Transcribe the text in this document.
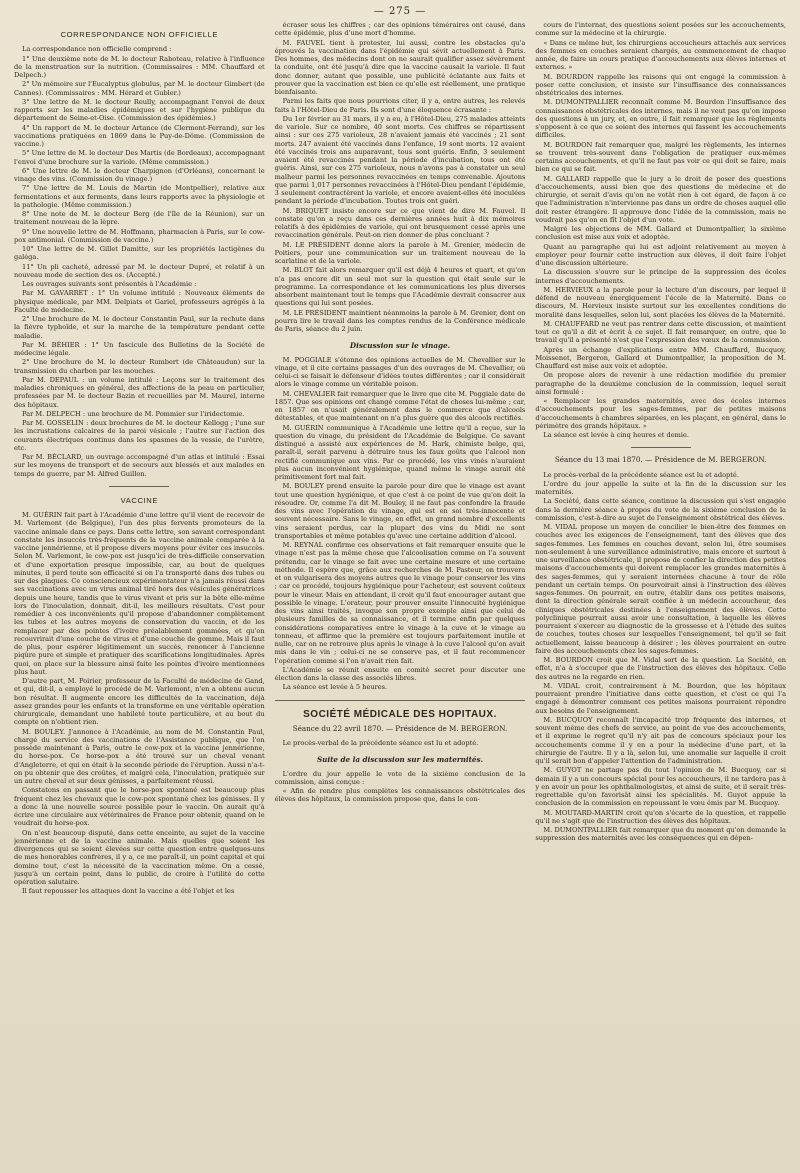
— 275 —
CORRESPONDANCE NON OFFICIELLE

La correspondance non officielle comprend :

1° Une deuxième note de M. le docteur Raboteau, relative à l'influence de la menstruation sur la nutrition. (Commissaires : MM. Chauffard et Delpech.)

2° Un mémoire sur l'Eucalyptus globulus, par M. le docteur Gimbert (de Cannes). (Commissaires : MM. Hérard et Gubler.)

3° Une lettre de M. le docteur Reully, accompagnant l'envoi de deux rapports sur les maladies épidémiques et sur l'hygiène publique du département de Seine-et-Oise. (Commission des épidémies.)

4° Un rapport de M. le docteur Artance (de Clermont-Ferrand), sur les vaccinations pratiquées en 1869 dans le Puy-de-Dôme. (Commission de vaccine.)

5° Une lettre de M. le docteur Des Martis (de Bordeaux), accompagnant l'envoi d'une brochure sur la variole. (Même commission.)

6° Une lettre de M. le docteur Charpignon (d'Orléans), concernant le vinage des vins. (Commission du vinage.)

7° Une lettre de M. Louis de Martin (de Montpellier), relative aux fermentations et aux ferments, dans leurs rapports avec la physiologie et la pathologie. (Même commission.)

8° Une note de M. le docteur Berg (de l'île de la Réunion), sur un traitement nouveau de la lèpre.

9° Une nouvelle lettre de M. Hoffmann, pharmacien à Paris, sur le cow-pox antimonial. (Commission de vaccine.)

10° Une lettre de M. Gillet Damitte, sur les propriétés lactigènes du galéga.

11° Un pli cacheté, adressé par M. le docteur Dupré, et relatif à un nouveau mode de section des os. (Accepté.)

Les ouvrages suivants sont présentés à l'Académie :

Par M. GAVARRET : 1° Un volume intitulé : Nouveaux éléments de physique médicale, par MM. Delpiats et Gariel, professeurs agrégés à la Faculté de médecine.

2° Une brochure de M. le docteur Constantin Paul, sur la rechute dans la fièvre typhoïde, et sur la marche de la température pendant cette maladie.

Par M. BÉHIER : 1° Un fascicule des Bulletins de la Société de médecine légale.

2° Une brochure de M. le docteur Rumbert (de Châteaudun) sur la transmission du charbon par les mouches.

Par M. DEPAUL : un volume intitulé : Leçons sur le traitement des maladies chroniques en général, des affections de la peau en particulier, professées par M. le docteur Bazin et recueillies par M. Maurel, interne des hôpitaux.

Par M. DELPECH : une brochure de M. Pommier sur l'iridectomie.

Par M. GOSSELIN : deux brochures de M. le docteur Kellogg ; l'une sur les incrustations calcaires de la paroi vésicale ; l'autre sur l'action des courants électriques continus dans les spasmes de la vessie, de l'urètre, etc.

Par M. BÉCLARD, un ouvrage accompagné d'un atlas et intitulé : Essai sur les moyens de transport et de secours aux blessés et aux malades en temps de guerre, par M. Alfred Guillon.

VACCINE

M. GUÉRIN fait part à l'Académie d'une lettre qu'il vient de recevoir de M. Varlemont (de Belgique), l'un des plus fervents promoteurs de la vaccine animale dans ce pays. Dans cette lettre, son savant correspondant constate les insuccès très-fréquents de la vaccine animale comparée à la vaccine jennérienne, et il propose divers moyens pour éviter ces insuccès. Selon M. Varlemont, le cow-pox est jusqu'ici de très-difficile conservation et d'une exportation presque impossible, car, au bout de quelques minutes, il perd toute son efficacité si on l'a transporté dans des tubes ou sur des plaques. Ce consciencieux expérimentateur n'a jamais réussi dans ses vaccinations avec un virus animal tiré hors des vésicules génératrices depuis une heure, tandis que le virus vivant et pris sur la bête elle-même lors de l'inoculation, donnait, dit-il, les meilleurs résultats. C'est pour remédier à ces inconvénients qu'il propose d'abandonner complètement les tubes et les autres moyens de conservation du vaccin, et de les remplacer par des pointes d'ivoire préalablement gommées, et qu'on recouvrirait d'une couche de virus et d'une couche de gomme. Mais il faut de plus, pour espérer légitimement un succès, renoncer à l'ancienne piqûre pure et simple et pratiquer des scarifications longitudinales. Après quoi, on place sur la blessure ainsi faite les pointes d'ivoire mentionnées plus haut.

D'autre part, M. Poirier, professeur de la Faculté de médecine de Gand, et qui, dit-il, a employé le procédé de M. Varlemont, n'en a obtenu aucun bon résultat. Il augmente encore les difficultés de la vaccination, déjà assez grandes pour les enfants et la transforme en une véritable opération chirurgicale, demandant une habileté toute particulière, et au bout du compte on n'obtient rien.

M. BOULEY. J'annonce à l'Académie, au nom de M. Constantin Paul, chargé du service des vaccinations de l'Assistance publique, que l'on possède maintenant à Paris, outre le cow-pox et la vaccine jennérienne, du horse-pox. Ce horse-pox a été trouvé sur un cheval venant d'Angleterre, et qui en était à la seconde période de l'éruption. Aussi n'a-t-on pu obtenir que des croûtes, et malgré cela, l'inoculation, pratiquée sur un autre cheval et sur deux génisses, a parfaitement réussi.

Constatons en passant que le horse-pox spontané est beaucoup plus fréquent chez les chevaux que le cow-pox spontané chez les génisses. Il y a donc là une nouvelle source possible pour le vaccin. On aurait qu'à écrire une circulaire aux vétérinaires de France pour obtenir, quand on le voudrait du horse-pox.

On n'est beaucoup disputé, dans cette enceinte, au sujet de la vaccine jennérienne et de la vaccine animale. Mais quelles que soient les divergences qui se soient élevées sur cette question entre quelques-uns de mes honorables confrères, il y a, ce me paraît-il, un point capital et qui domine tout, c'est la nécessité de la vaccination même. On a cessé, jusqu'à un certain point, dans le public, de croire à l'utilité de cette opération salutaire.

Il faut repousser les attaques dont la vaccine a été l'objet et les

écraser sous les chiffres ; car des opinions téméraires ont causé, dans cette épidémie, plus d'une mort d'homme.

M. FAUVEL tient à protester, lui aussi, contre les obstacles qu'a éprouvés la vaccination dans l'épidémie qui sévit actuellement à Paris. Des hommes, des médecins dont on ne saurait qualifier assez sévèrement la conduite, ont été jusqu'à dire que la vaccine causait la variole. Il faut donc donner, autant que possible, une publicité éclatante aux faits et prouver que la vaccination est bien ce qu'elle est réellement, une pratique bienfaisante.

Parmi les faits que nous pourrions citer, il y a, entre autres, les relevés faits à l'Hôtel-Dieu de Paris. Ils sont d'une éloquence écrasante :

Du 1er février au 31 mars, il y a eu, à l'Hôtel-Dieu, 275 malades atteints de variole. Sur ce nombre, 40 sont morts. Ces chiffres se répartissent ainsi : sur ces 275 varioleux, 28 n'avaient jamais été vaccinés ; 21 sont morts. 247 avaient été vaccinés dans l'enfance, 19 sont morts. 12 avaient été vaccinés trois ans auparavant, tous sont guéris. Enfin, 3 seulement avaient été revaccinés pendant la période d'incubation, tous ont été guéris. Ainsi, sur ces 275 varioleux, nous n'avons pas à constater un seul malheur parmi les personnes revaccinées en temps convenable. Ajoutons que parmi 1,017 personnes revaccinées à l'Hôtel-Dieu pendant l'épidémie, 3 seulement contractèrent la variole, et encore avaient-elles été inoculées pendant la période d'incubation. Toutes trois ont guéri.

M. BRIQUET insiste encore sur ce que vient de dire M. Fauvel. Il constate qu'on a reçu dans ces dernières années huit à dix mémoires relatifs à des épidémies de variole, qui ont brusquement cessé après une revaccination générale. Peut-on rien donner de plus concluant ?

M. LE PRÉSIDENT donne alors la parole à M. Grenier, médecin de Poitiers, pour une communication sur un traitement nouveau de la scarlatine et de la variole.

M. BLOT fait alors remarquer qu'il est déjà 4 heures et quart, et qu'on n'a pas encore dit un seul mot sur la question qui était seule sur le programme. La correspondance et les communications les plus diverses absorbent maintenant tout le temps que l'Académie devrait consacrer aux questions qui lui sont posées.

M. LE PRÉSIDENT maintient néanmoins la parole à M. Grenier, dont on pourra lire le travail dans les comptes rendus de la Conférence médicale de Paris, séance du 2 juin.

Discussion sur le vinage.

M. POGGIALE s'étonne des opinions actuelles de M. Chevallier sur le vinage, et il cite certains passages d'un des ouvrages de M. Chevallier, où celui-ci se faisait le défenseur d'idées toutes différentes ; car il considérait alors le vinage comme un véritable poison.

M. CHEVALIER fait remarquer que le livre que cite M. Poggiale date de 1857. Que ses opinions ont changé comme l'état de choses lui-même ; car, en 1857 on n'usait généralement dans le commerce que d'alcools détestables, et que maintenant on n'a plus guère que des alcools rectifiés.

M. GUÉRIN communique à l'Académie une lettre qu'il a reçue, sur la question du vinage, du président de l'Académie de Belgique. Ce savant distingué a assisté aux expériences de M. Hark, chimiste belge, qui, paraît-il, serait parvenu à détruire tous les faux goûts que l'alcool non rectifié communique aux vins. Par ce procédé, les vins vinés n'auraient plus aucun inconvénient hygiénique, quand même le vinage aurait été primitivement fort mal fait.

M. BOULEY prend ensuite la parole pour dire que le vinage est avant tout une question hygiénique, et que c'est à ce point de vue qu'on doit la résoudre. Or, comme l'a dit M. Bouley, il ne faut pas confondre la fraude des vins avec l'opération du vinage, qui est en soi très-innocente et souvent nécessaire. Sans le vinage, en effet, un grand nombre d'excellents vins seraient perdus, car la plupart des vins du Midi ne sont transportables et même potables qu'avec une certaine addition d'alcool.

M. REYNAL confirme ces observations et fait remarquer ensuite que le vinage n'est pas la même chose que l'alcoolisation comme on l'a souvent prétendu, car le vinage se fait avec une certaine mesure et une certaine méthode. Il espère que, grâce aux recherches de M. Pasteur, on trouvera et on vulgarisera des moyens autres que le vinage pour conserver les vins ; car ce procédé, toujours hygiénique pour l'acheteur, est souvent coûteux pour le vineur. Mais en attendant, il croit qu'il faut encourager autant que possible le vinage. L'orateur, pour prouver ensuite l'innocuité hygiénique des vins ainsi traités, invoque son propre exemple ainsi que celui de plusieurs familles de sa connaissance, et il termine enfin par quelques considérations comparatives entre le vinage à la cuve et le vinage au tonneau, et affirme que la première est toujours parfaitement inutile et nulle, car on ne retrouve plus après le vinage à la cuve l'alcool qu'on avait mis dans le vin ; celui-ci ne se conserve pas, et il faut recommencer l'opération comme si l'on n'avait rien fait.

L'Académie se réunit ensuite en comité secret pour discuter une élection dans la classe des associés libres.

La séance est levée à 5 heures.

SOCIÉTÉ MÉDICALE DES HOPITAUX.
Séance du 22 avril 1870. — Présidence de M. BERGERON.

Le procès-verbal de la précédente séance est lu et adopté.

Suite de la discussion sur les maternités.

L'ordre du jour appelle le vote de la sixième conclusion de la commission, ainsi conçue :

« Afin de rendre plus complètes les connaissances obstétricales des élèves des hôpitaux, la commission propose que, dans le con-

cours de l'internat, des questions soient posées sur les accouchements, comme sur la médecine et la chirurgie.

« Dans ce même but, les chirurgiens accoucheurs attachés aux services des femmes en couches seraient chargés, au commencement de chaque année, de faire un cours pratique d'accouchements aux élèves internes et externes. »

M. BOURDON rappelle les raisons qui ont engagé la commission à poser cette conclusion, et insiste sur l'insuffisance des connaissances obstétricales des internes.

M. DUMONTPALLIER reconnaît comme M. Bourdon l'insuffisance des connaissances obstétricales des internes, mais il ne veut pas qu'on impose des questions à un jury, et, en outre, il fait remarquer que les règlements s'opposent à ce que ce soient des internes qui fassent les accouchements difficiles.

M. BOURDON fait remarquer que, malgré les règlements, les internes se trouvent très-souvent dans l'obligation de pratiquer eux-mêmes certains accouchements, et qu'il ne faut pas voir ce qui doit se faire, mais bien ce qui se fait.

M. GALLARD rappelle que le jury a le droit de poser des questions d'accouchements, aussi bien que des questions de médecine et de chirurgie, et serait d'avis qu'on ne votât rien à cet égard, de façon à ce que l'administration n'intervienne pas dans un ordre de choses auquel elle doit rester étrangère. Il approuve donc l'idée de la commission, mais ne voudrait pas qu'on en fît l'objet d'un vote.

Malgré les objections de MM. Gallard et Dumontpallier, la sixième conclusion est mise aux voix et adoptée.

Quant au paragraphe qui lui est adjoint relativement au moyen à employer pour fournir cette instruction aux élèves, il doit faire l'objet d'une discussion ultérieure.

La discussion s'ouvre sur le principe de la suppression des écoles internes d'accouchements.

M. HERVIEUX a la parole pour la lecture d'un discours, par lequel il défend de nouveau énergiquement l'école de la Maternité. Dans ce discours, M. Hervieux insiste surtout sur les excellentes conditions de moralité dans lesquelles, selon lui, sont placées les élèves de la Maternité.

M. CHAUFFARD ne veut pas rentrer dans cette discussion, et maintient tout ce qu'il a dit et écrit à ce sujet. Il fait remarquer, en outre, que le travail qu'il a présenté n'est que l'expression des vœux de la commission.

Après un échange d'explications entre MM. Chauffard, Bucquoy, Moissenet, Bergeron, Gallard et Dumontpallier, la proposition de M. Chauffard est mise aux voix et adoptée.

On propose alors de revenir à une rédaction modifiée du premier paragraphe de la deuxième conclusion de la commission, lequel serait ainsi formulé :

« Remplacer les grandes maternités, avec des écoles internes d'accouchements pour les sages-femmes, par de petites maisons d'accouchements à chambres séparées, en les plaçant, en général, dans le périmètre des grands hôpitaux. »

La séance est levée à cinq heures et demie.

Séance du 13 mai 1870. — Présidence de M. BERGERON.

Le procès-verbal de la précédente séance est lu et adopté.

L'ordre du jour appelle la suite et la fin de la discussion sur les maternités.

La Société, dans cette séance, continue la discussion qui s'est engagée dans la dernière séance à propos du vote de la sixième conclusion de la commission, c'est-à-dire au sujet de l'enseignement obstétrical des élèves.

M. VIDAL propose un moyen de concilier le bien-être des femmes en couches avec les exigences de l'enseignement, tant des élèves que des sages-femmes. Les femmes en couches devant, selon lui, être soumises non-seulement à une surveillance administrative, mais encore et surtout à une surveillance obstétricale, il propose de confier la direction des petites maisons d'accouchements qui doivent remplacer les grandes maternités à des sages-femmes, qui y seraient internées chacune à tour de rôle pendant un certain temps. On pourvoirait ainsi à l'instruction des élèves sages-femmes. On pourrait, en outre, établir dans ces petites maisons, dont la direction générale serait confiée à un médecin accoucheur, des cliniques obstétricales destinées à l'enseignement des élèves. Cette polyclinique pourrait aussi avoir une consultation, à laquelle les élèves pourraient s'exercer au diagnostic de la grossesse et à l'étude des suites de couches, toutes choses sur lesquelles l'enseignement, tel qu'il se fait actuellement, laisse beaucoup à désirer ; les élèves pourraient en outre faire des accouchements chez les sages-femmes.

M. BOURDON croit que M. Vidal sort de la question. La Société, en effet, n'a à s'occuper que de l'instruction des élèves des hôpitaux. Celle des autres ne la regarde en rien.

M. VIDAL croit, contrairement à M. Bourdon, que les hôpitaux pourraient prendre l'initiative dans cette question, et c'est ce qui l'a engagé à démontrer comment ces petites maisons pourraient répondre aux besoins de l'enseignement.

M. BUCQUOY reconnaît l'incapacité trop fréquente des internes, et souvent même des chefs de service, au point de vue des accouchements, et il exprime le regret qu'il n'y ait pas de concours spéciaux pour les accouchements comme il y en a pour la médecine d'une part, et la chirurgie de l'autre. Il y a là, selon lui, une anomalie sur laquelle il croit qu'il serait bon d'appeler l'attention de l'administration.

M. GUYOT ne partage pas du tout l'opinion de M. Bucquoy, car si demain il y a un concours spécial pour les accoucheurs, il ne tardera pas à y en avoir un pour les ophthalmologistes, et ainsi de suite, et il serait très-regrettable qu'on favorisât ainsi les spécialités. M. Guyot appuie la conclusion de la commission en repoussant le vœu émis par M. Bucquoy.

M. MOUTARD-MARTIN croit qu'on s'écarte de la question, et rappelle qu'il ne s'agit que de l'instruction des élèves des hôpitaux.

M. DUMONTPALLIER fait remarquer que du moment qu'on demande la suppression des maternités avec les conséquences qui en dépen-
